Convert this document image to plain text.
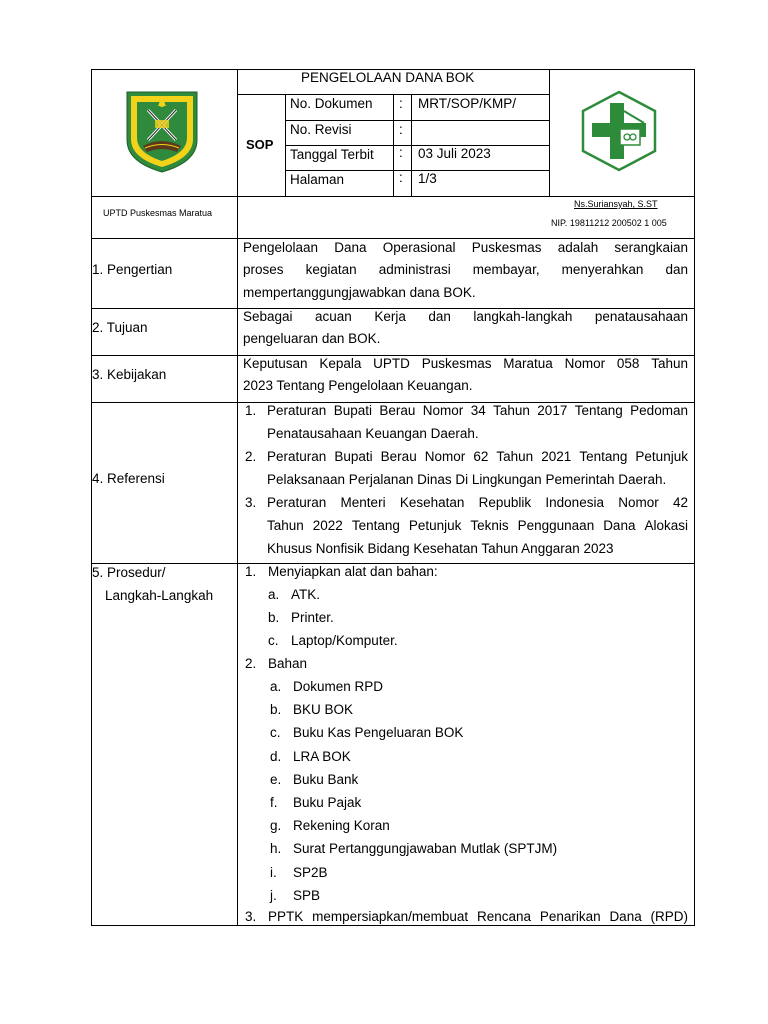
PENGELOLAAN DANA BOK
SOP
No. Dokumen : MRT/SOP/KMP/
No. Revisi	:
Tanggal Terbit : 03 Juli 2023
Halaman	: 1/3
UPTD Puskesmas Maratua
Ns.Suriansyah, S.ST
NIP. 19811212 200502 1 005
1. Pengertian
Pengelolaan Dana Operasional Puskesmas adalah serangkaian
proses kegiatan administrasi membayar, menyerahkan dan
mempertanggungjawabkan dana BOK.
2. Tujuan
Sebagai acuan Kerja dan langkah-langkah penatausahaan
pengeluaran dan BOK.
3. Kebijakan
Keputusan Kepala UPTD Puskesmas Maratua Nomor 058 Tahun
2023 Tentang Pengelolaan Keuangan.
4. Referensi
1. Peraturan Bupati Berau Nomor 34 Tahun 2017 Tentang Pedoman
Penatausahaan Keuangan Daerah.
2. Peraturan Bupati Berau Nomor 62 Tahun 2021 Tentang Petunjuk
Pelaksanaan Perjalanan Dinas Di Lingkungan Pemerintah Daerah.
3. Peraturan Menteri Kesehatan Republik Indonesia Nomor 42
Tahun 2022 Tentang Petunjuk Teknis Penggunaan Dana Alokasi
Khusus Nonfisik Bidang Kesehatan Tahun Anggaran 2023
5. Prosedur/
Langkah-Langkah
1. Menyiapkan alat dan bahan:
a. ATK.
b. Printer.
c. Laptop/Komputer.
2. Bahan
a. Dokumen RPD
b. BKU BOK
c. Buku Kas Pengeluaran BOK
d. LRA BOK
e. Buku Bank
f. Buku Pajak
g. Rekening Koran
h. Surat Pertanggungjawaban Mutlak (SPTJM)
i. SP2B
j. SPB
3. PPTK mempersiapkan/membuat Rencana Penarikan Dana (RPD)
